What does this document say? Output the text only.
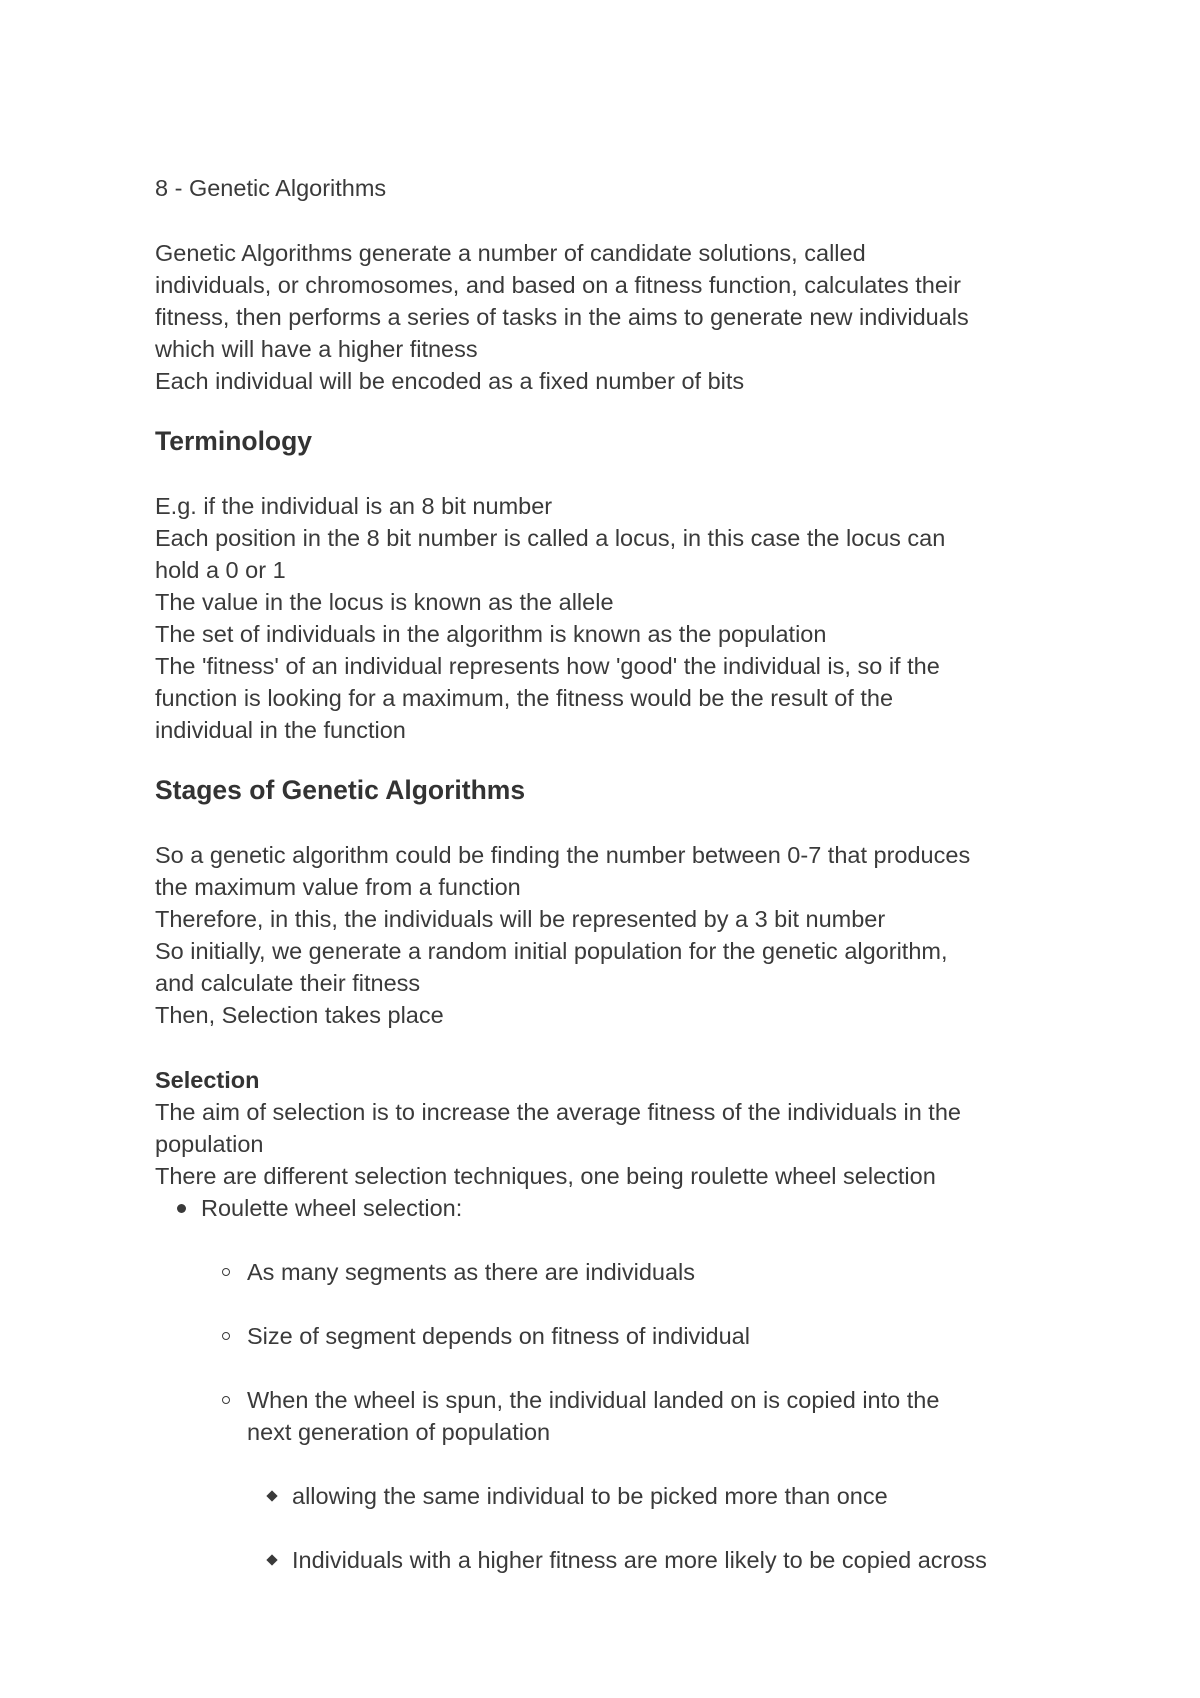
8 - Genetic Algorithms
Genetic Algorithms generate a number of candidate solutions, called
individuals, or chromosomes, and based on a fitness function, calculates their
fitness, then performs a series of tasks in the aims to generate new individuals
which will have a higher fitness
Each individual will be encoded as a fixed number of bits
Terminology
E.g. if the individual is an 8 bit number
Each position in the 8 bit number is called a locus, in this case the locus can
hold a 0 or 1
The value in the locus is known as the allele
The set of individuals in the algorithm is known as the population
The 'fitness' of an individual represents how 'good' the individual is, so if the
function is looking for a maximum, the fitness would be the result of the
individual in the function
Stages of Genetic Algorithms
So a genetic algorithm could be finding the number between 0-7 that produces
the maximum value from a function
Therefore, in this, the individuals will be represented by a 3 bit number
So initially, we generate a random initial population for the genetic algorithm,
and calculate their fitness
Then, Selection takes place
Selection
The aim of selection is to increase the average fitness of the individuals in the
population
There are different selection techniques, one being roulette wheel selection
Roulette wheel selection:
As many segments as there are individuals
Size of segment depends on fitness of individual
When the wheel is spun, the individual landed on is copied into the
next generation of population
allowing the same individual to be picked more than once
Individuals with a higher fitness are more likely to be copied across
